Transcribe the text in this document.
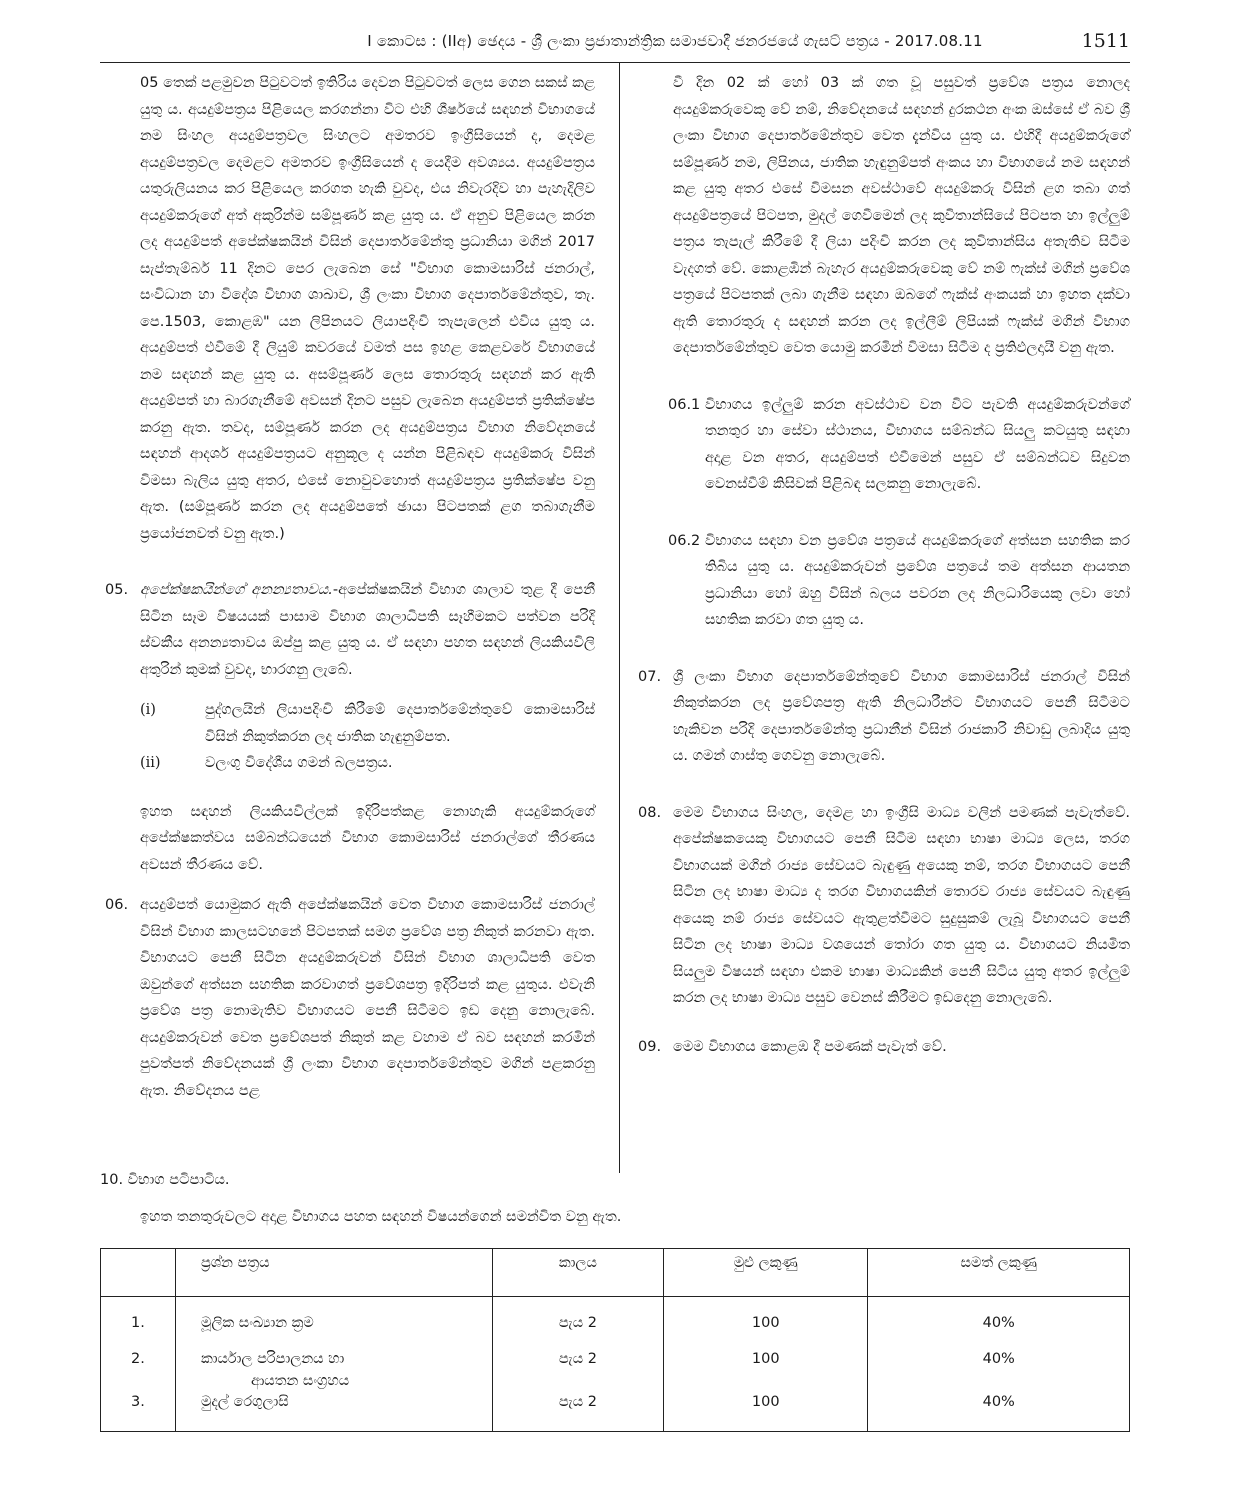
I කොටස : (IIඅ) ඡෙදය - ශ්‍රී ලංකා ප්‍රජාතාන්ත්‍රික සමාජවාදී ජනරජයේ ගැසට් පත්‍රය - 2017.08.11	1511

05 තෙක් පළමුවන පිටුවටත් ඉතිරිය දෙවන පිටුවටත් ලෙස ගෙන සකස් කළ යුතු ය. අයදුම්පත්‍රය පිළියෙල කරගන්නා විට එහි ශීර්ෂයේ සඳහන් විභාගයේ නම සිංහල අයදුම්පත්‍රවල සිංහලට අමතරව ඉංග්‍රීසියෙන් ද, දෙමළ අයදුම්පත්‍රවල දෙමළට අමතරව ඉංග්‍රීසියෙන් ද යෙදීම අවශ්‍යය. අයදුම්පත්‍රය යතුරුලියනය කර පිළියෙල කරගත හැකි වුවද, එය නිවැරදිව හා පැහැදිලිව අයදුම්කරුගේ අත් අකුරින්ම සම්පූර්ණ කළ යුතු ය. ඒ අනුව පිළියෙල කරන ලද අයදුම්පත් අපේක්ෂකයින් විසින් දෙපාර්තමේන්තු ප්‍රධානියා මගින් 2017 සැප්තැම්බර් 11 දිනට පෙර ලැබෙන සේ "විභාග කොමසාරිස් ජනරාල්, සංවිධාන හා විදේශ විභාග ශාඛාව, ශ්‍රී ලංකා විභාග දෙපාර්තමේන්තුව, තැ. පෙ.1503, කොළඹ" යන ලිපිනයට ලියාපදිංචි තැපැලෙන් එවිය යුතු ය. අයදුම්පත් එවීමේ දී ලියුම් කවරයේ වමත් පස ඉහළ කෙළවරේ විභාගයේ නම සඳහන් කළ යුතු ය. අසම්පූර්ණ ලෙස තොරතුරු සඳහන් කර ඇති අයදුම්පත් හා බාරගැනීමේ අවසන් දිනට පසුව ලැබෙන අයදුම්පත් ප්‍රතික්ෂේප කරනු ඇත. තවද, සම්පූර්ණ කරන ලද අයදුම්පත්‍රය විභාග නිවේදනයේ සඳහන් ආදර්ශ අයදුම්පත්‍රයට අනුකූල ද යන්න පිළිබඳව අයදුම්කරු විසින් විමසා බැලිය යුතු අතර, එසේ නොවුවහොත් අයදුම්පත්‍රය ප්‍රතික්ෂේප වනු ඇත. (සම්පූර්ණ කරන ලද අයදුම්පතේ ඡායා පිටපතක් ළග තබාගැනීම ප්‍රයෝජනවත් වනු ඇත.)

05. අපේක්ෂකයින්ගේ අනන්‍යතාවය.-අපේක්ෂකයින් විභාග ශාලාව තුළ දී පෙනී සිටින සෑම විෂයයක් පාසාම විභාග ශාලාධිපති සෑහීමකට පත්වන පරිදි ස්වකීය අනන්‍යතාවය ඔප්පු කළ යුතු ය. ඒ සඳහා පහත සඳහන් ලියකියවිලි අතුරින් කුමක් වුවද, භාරගනු ලැබේ.
(i)	පුද්ගලයින් ලියාපදිංචි කිරීමේ දෙපාර්තමේන්තුවේ කොමසාරිස් විසින් නිකුත්කරන ලද ජාතික හැඳුනුම්පත.
(ii)	වලංගු විදේශීය ගමන් බලපත්‍රය.

ඉහත සඳහන් ලියකියවිල්ලක් ඉදිරිපත්කළ නොහැකි අයදුම්කරුගේ අපේක්ෂකත්වය සම්බන්ධයෙන් විභාග කොමසාරිස් ජනරාල්ගේ තීරණය අවසන් තීරණය වේ.

06. අයදුම්පත් යොමුකර ඇති අපේක්ෂකයින් වෙත විභාග කොමසාරිස් ජනරාල් විසින් විභාග කාලසටහනේ පිටපතක් සමග ප්‍රවේශ පත්‍ර නිකුත් කරනවා ඇත. විභාගයට පෙනී සිටින අයදුම්කරුවන් විසින් විභාග ශාලාධිපති වෙත ඔවුන්ගේ අත්සන සහතික කරවාගත් ප්‍රවේශපත්‍ර ඉදිරිපත් කළ යුතුය. එවැනි ප්‍රවේශ පත්‍ර නොමැතිව විභාගයට පෙනී සිටීමට ඉඩ දෙනු නොලැබේ. අයදුම්කරුවන් වෙත ප්‍රවේශපත් නිකුත් කළ වහාම ඒ බව සඳහන් කරමින් පුවත්පත් නිවේදනයක් ශ්‍රී ලංකා විභාග දෙපාර්තමේන්තුව මගින් පළකරනු ඇත. නිවේදනය පළ

වී දින 02 ක් හෝ 03 ක් ගත වූ පසුවත් ප්‍රවේශ පත්‍රය නොලද අයදුම්කරුවෙකු වේ නම්, නිවේදනයේ සඳහන් දුරකථන අංක ඔස්සේ ඒ බව ශ්‍රී ලංකා විභාග දෙපාර්තමේන්තුව වෙත දැන්විය යුතු ය. එහිදී අයදුම්කරුගේ සම්පූර්ණ නම, ලිපිනය, ජාතික හැඳුනුම්පත් අංකය හා විභාගයේ නම සඳහන් කළ යුතු අතර එසේ විමසන අවස්ථාවේ අයදුම්කරු විසින් ළග තබා ගත් අයදුම්පත්‍රයේ පිටපත, මුදල් ගෙවීමෙන් ලද කුවිතාන්සියේ පිටපත හා ඉල්ලුම් පත්‍රය තැපැල් කිරීමේ දී ලියා පදිංචි කරන ලද කුවිතාන්සිය අතැතිව සිටීම වැදගත් වේ. කොළඹින් බැහැර අයදුම්කරුවෙකු වේ නම් ෆැක්ස් මගින් ප්‍රවේශ පත්‍රයේ පිටපතක් ලබා ගැනීම සඳහා ඔබගේ ෆැක්ස් අංකයක් හා ඉහත දක්වා ඇති තොරතුරු ද සඳහන් කරන ලද ඉල්ලීම් ලිපියක් ෆැක්ස් මගින් විභාග දෙපාර්තමේන්තුව වෙත යොමු කරමින් විමසා සිටීම ද ප්‍රතිඵලදායී වනු ඇත.

06.1 විභාගය ඉල්ලුම් කරන අවස්ථාව වන විට පැවති අයදුම්කරුවන්ගේ තනතුර හා සේවා ස්ථානය, විභාගය සම්බන්ධ සියලු කටයුතු සඳහා අදාළ වන අතර, අයදුම්පත් එවීමෙන් පසුව ඒ සම්බන්ධව සිදුවන වෙනස්වීම් කිසිවක් පිළිබඳ සලකනු නොලැබේ.
06.2 විභාගය සඳහා වන ප්‍රවේශ පත්‍රයේ අයදුම්කරුගේ අත්සන සහතික කර තිබිය යුතු ය. අයදුම්කරුවන් ප්‍රවේශ පත්‍රයේ තම අත්සන ආයතන ප්‍රධානියා හෝ ඔහු විසින් බලය පවරන ලද නිලධාරියෙකු ලවා හෝ සහතික කරවා ගත යුතු ය.
07. ශ්‍රී ලංකා විභාග දෙපාර්තමේන්තුවේ විභාග කොමසාරිස් ජනරාල් විසින් නිකුත්කරන ලද ප්‍රවේශපත්‍ර ඇති නිලධාරීන්ට විභාගයට පෙනී සිටීමට හැකිවන පරිදි දෙපාර්තමේන්තු ප්‍රධානීන් විසින් රාජකාරි නිවාඩු ලබාදිය යුතු ය. ගමන් ගාස්තු ගෙවනු නොලැබේ.
08. මෙම විභාගය සිංහල, දෙමළ හා ඉංග්‍රීසි මාධ්‍ය වලින් පමණක් පැවැත්වේ. අපේක්ෂකයෙකු විභාගයට පෙනී සිටීම සඳහා භාෂා මාධ්‍ය ලෙස, තරග විභාගයක් මගින් රාජ්‍ය සේවයට බැඳුණු අයෙකු නම්, තරග විභාගයට පෙනී සිටින ලද භාෂා මාධ්‍ය ද තරග විභාගයකින් තොරව රාජ්‍ය සේවයට බැඳුණු අයෙකු නම් රාජ්‍ය සේවයට ඇතුළත්වීමට සුදුසුකම් ලැබූ විභාගයට පෙනී සිටින ලද භාෂා මාධ්‍ය වශයෙන් තෝරා ගත යුතු ය. විභාගයට නියමිත සියලුම විෂයන් සඳහා එකම භාෂා මාධ්‍යකින් පෙනී සිටිය යුතු අතර ඉල්ලුම් කරන ලද භාෂා මාධ්‍ය පසුව වෙනස් කිරීමට ඉඩදෙනු නොලැබේ.
09. මෙම විභාගය කොළඹ දී පමණක් පැවැත් වේ.
10. විභාග පටිපාටිය.
ඉහත තනතුරුවලට අදාළ විභාගය පහත සඳහන් විෂයන්ගෙන් සමන්විත වනු ඇත.
	ප්‍රශ්න පත්‍රය	කාලය	මුළු ලකුණු	සමත් ලකුණු

1.	මූලික සංඛ්‍යාන ක්‍රම	පැය 2	100	40%
2.	කාර්යාල පරිපාලනය හා
ආයතන සංග්‍රහය	පැය 2	100	40%
3.	මුදල් රෙගුලාසි	පැය 2	100	40%
